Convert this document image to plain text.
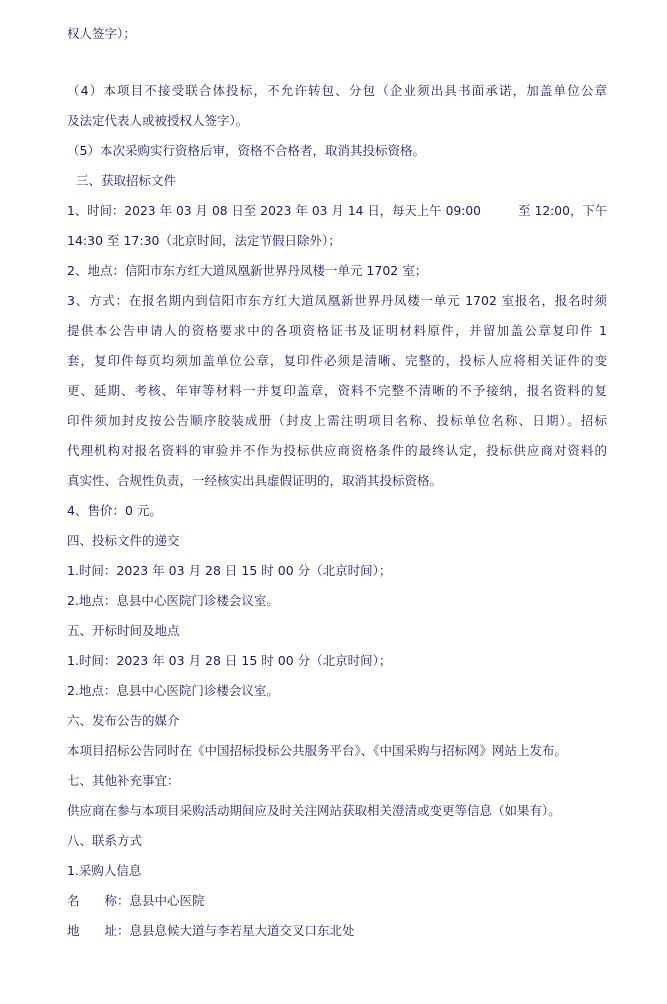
权人签字）；
（4）本项目不接受联合体投标，不允许转包、分包（企业须出具书面承诺，加盖单位公章
及法定代表人或被授权人签字）。
（5）本次采购实行资格后审，资格不合格者，取消其投标资格。
三、获取招标文件
1、时间：2023 年 03 月 08 日至 2023 年 03 月 14 日，每天上午 09:00　　　至 12:00，下午
14:30 至 17:30（北京时间，法定节假日除外）；
2、地点：信阳市东方红大道凤凰新世界丹凤楼一单元 1702 室；
3、方式：在报名期内到信阳市东方红大道凤凰新世界丹凤楼一单元 1702 室报名，报名时须
提供本公告申请人的资格要求中的各项资格证书及证明材料原件，并留加盖公章复印件 1
套，复印件每页均须加盖单位公章，复印件必须是清晰、完整的，投标人应将相关证件的变
更、延期、考核、年审等材料一并复印盖章，资料不完整不清晰的不予接纳，报名资料的复
印件须加封皮按公告顺序胶装成册（封皮上需注明项目名称、投标单位名称、日期）。招标
代理机构对报名资料的审验并不作为投标供应商资格条件的最终认定，投标供应商对资料的
真实性、合规性负责，一经核实出具虚假证明的，取消其投标资格。
4、售价：0 元。
四、投标文件的递交
1.时间：2023 年 03 月 28 日 15 时 00 分（北京时间）；
2.地点：息县中心医院门诊楼会议室。
五、开标时间及地点
1.时间：2023 年 03 月 28 日 15 时 00 分（北京时间）；
2.地点：息县中心医院门诊楼会议室。
六、发布公告的媒介
本项目招标公告同时在《中国招标投标公共服务平台》、《中国采购与招标网》网站上发布。
七、其他补充事宜：
供应商在参与本项目采购活动期间应及时关注网站获取相关澄清或变更等信息（如果有）。
八、联系方式
1.采购人信息
名　　称：息县中心医院
地　　址：息县息候大道与李若星大道交叉口东北处
